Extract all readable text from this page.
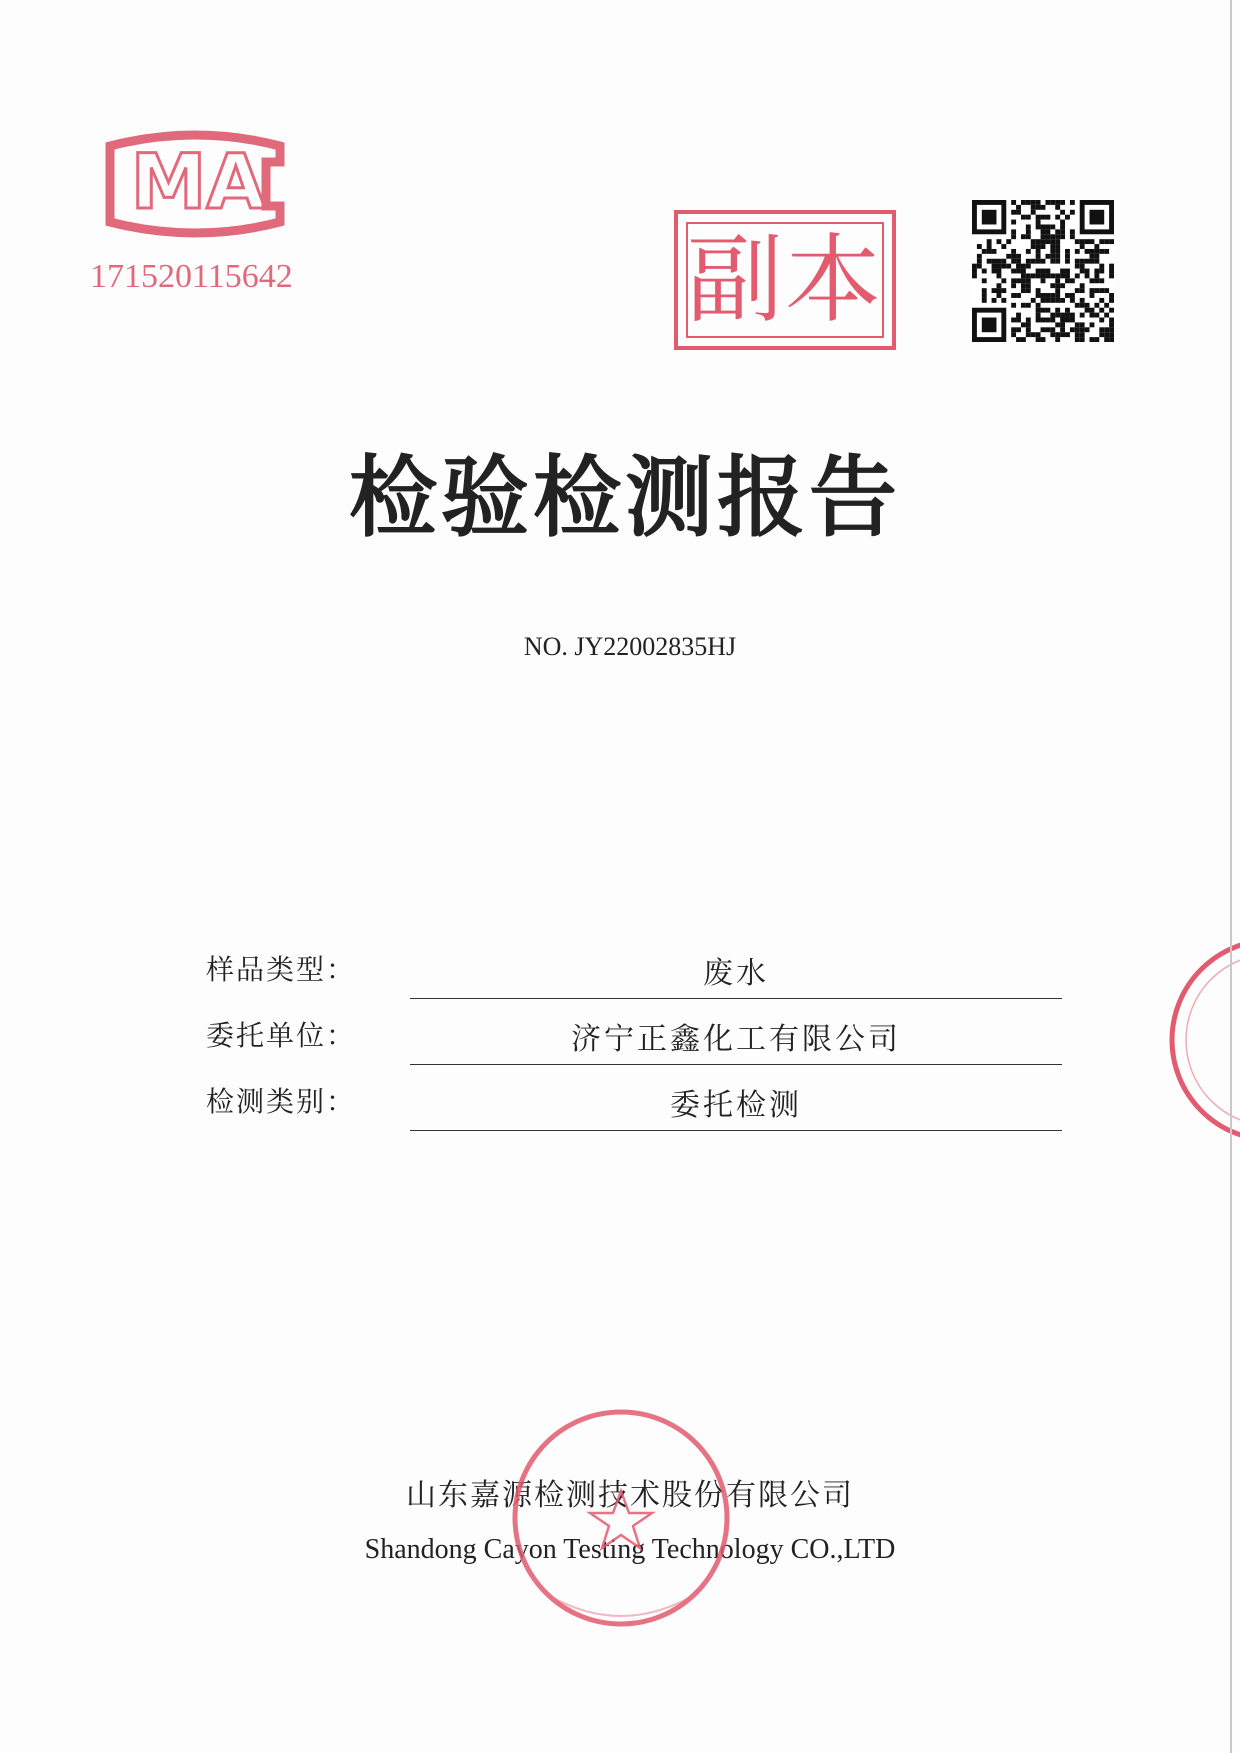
MA
171520115642	副本
检验检测报告
NO. JY22002835HJ
样品类型：	废水
委托单位：	济宁正鑫化工有限公司
检测类别：	委托检测
山东嘉源检测技术股份有限公司
Shandong Cayon Testing Technology CO.,LTD
